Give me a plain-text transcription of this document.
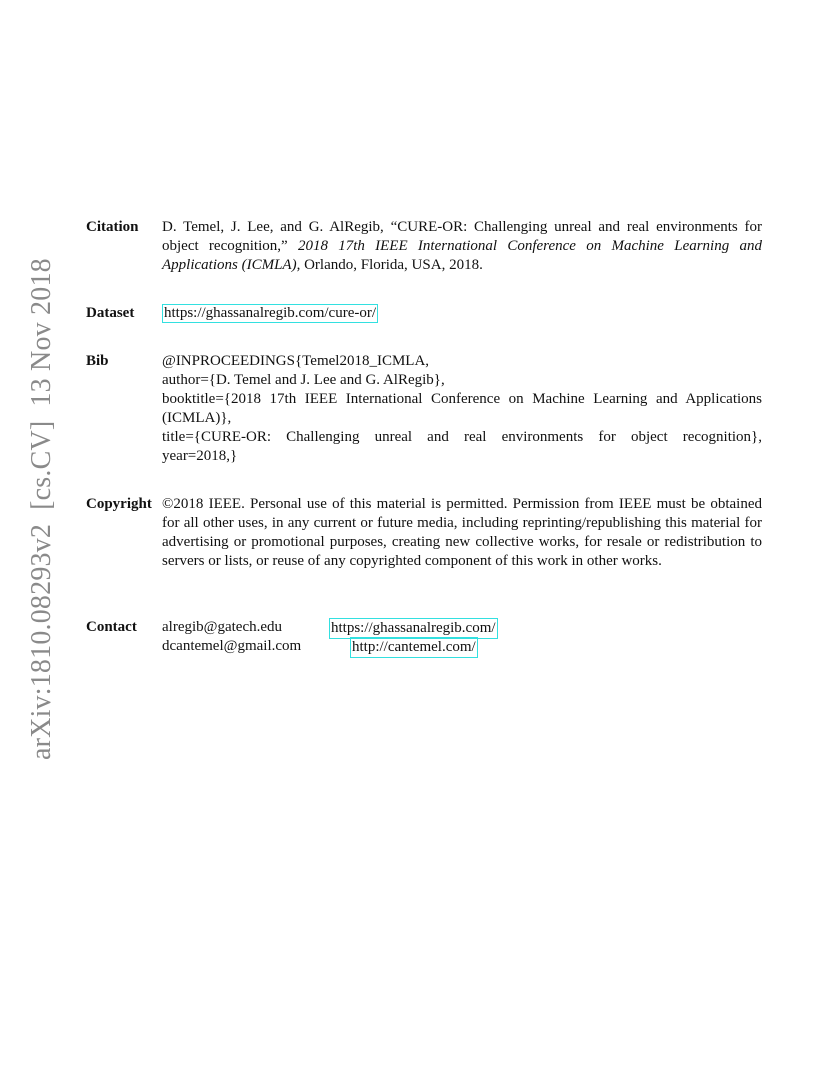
arXiv:1810.08293v2[cs.CV]13 Nov 2018
Citation D. Temel, J. Lee, and G. AlRegib, “CURE-OR: Challenging unreal and real environments for object recognition,” 2018 17th IEEE International Conference on Machine Learning and Applications (ICMLA), Orlando, Florida, USA, 2018.
Dataset https://ghassanalregib.com/cure-or/
Bib	@INPROCEEDINGS{Temel2018_ICMLA,

author={D. Temel and J. Lee and G. AlRegib},

booktitle={2018 17th IEEE International Conference on Machine Learning and Applications

(ICMLA)},

title={CURE-OR: Challenging unreal and real environments for object recognition},

year=2018,}

Copyright ©2018 IEEE. Personal use of this material is permitted. Permission from IEEE must be obtained for all other uses, in any current or future media, including reprinting/republishing this material for advertising or promotional purposes, creating new collective works, for resale or redistribution to servers or lists, or reuse of any copyrighted component of this work in other works.
Contact alregib@gatech.edu	https://ghassanalregib.com/
dcantemel@gmail.com	http://cantemel.com/
